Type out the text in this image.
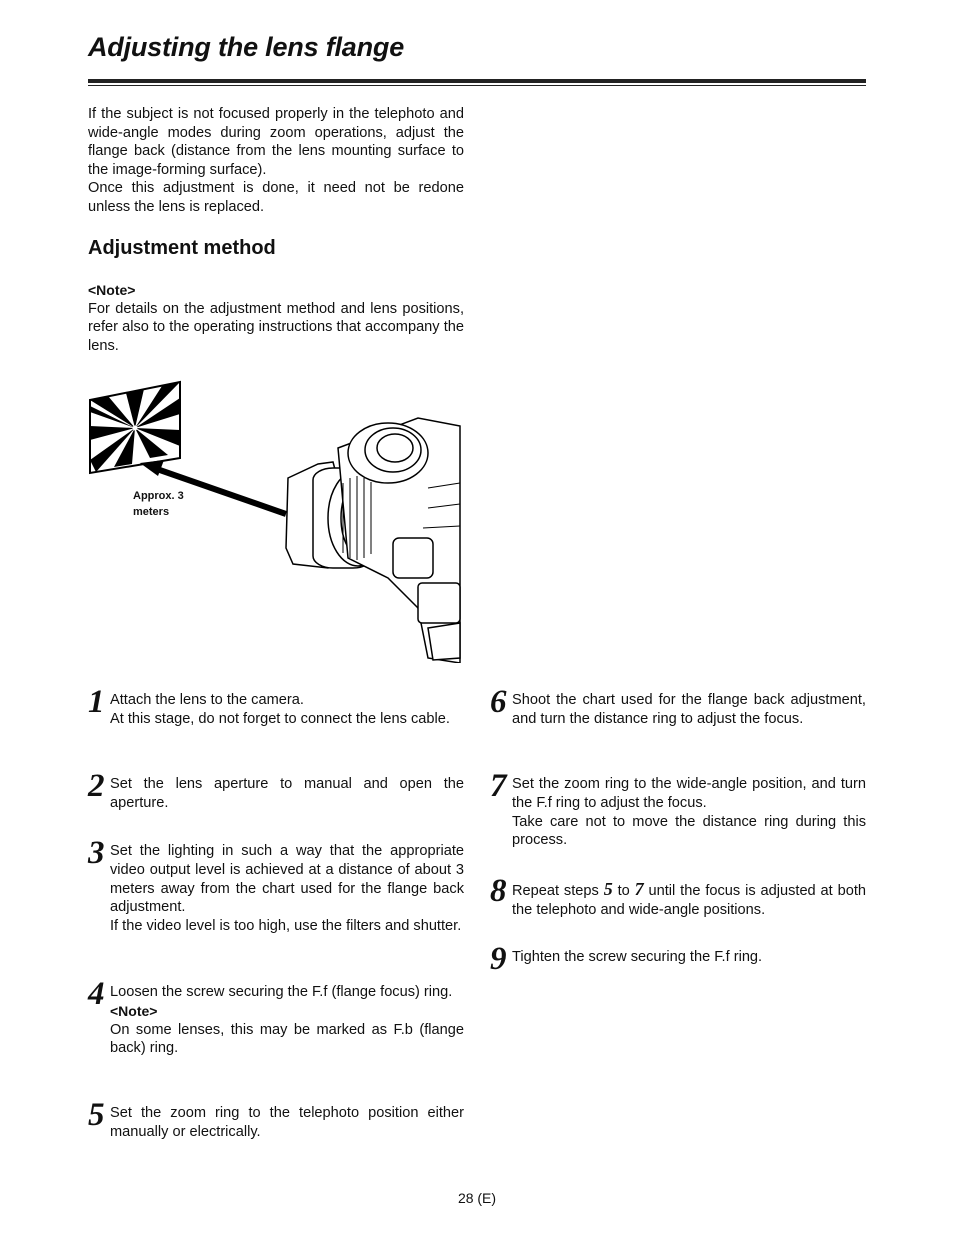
Adjusting the lens flange
If the subject is not focused properly in the telephoto and wide-angle modes during zoom operations, adjust the flange back (distance from the lens mounting surface to the image-forming surface).
Once this adjustment is done, it need not be redone unless the lens is replaced.
Adjustment method
<Note>
For details on the adjustment method and lens positions, refer also to the operating instructions that accompany the lens.
Approx. 3
meters
1 Attach the lens to the camera.

At this stage, do not forget to connect the lens cable.

2 Set the lens aperture to manual and open the aperture.

3 Set the lighting in such a way that the appropriate video output level is achieved at a distance of about 3 meters away from the chart used for the flange back adjustment.

If the video level is too high, use the filters and shutter.

4 Loosen the screw securing the F.f (flange focus) ring.

<Note>

On some lenses, this may be marked as F.b (flange back) ring.

5 Set the zoom ring to the telephoto position either manually or electrically.

6 Shoot the chart used for the flange back adjustment, and turn the distance ring to adjust the focus.

7 Set the zoom ring to the wide-angle position, and turn the F.f ring to adjust the focus.

Take care not to move the distance ring during this process.

8 Repeat steps 5 to 7 until the focus is adjusted at both the telephoto and wide-angle positions.

9 Tighten the screw securing the F.f ring.

28 (E)
